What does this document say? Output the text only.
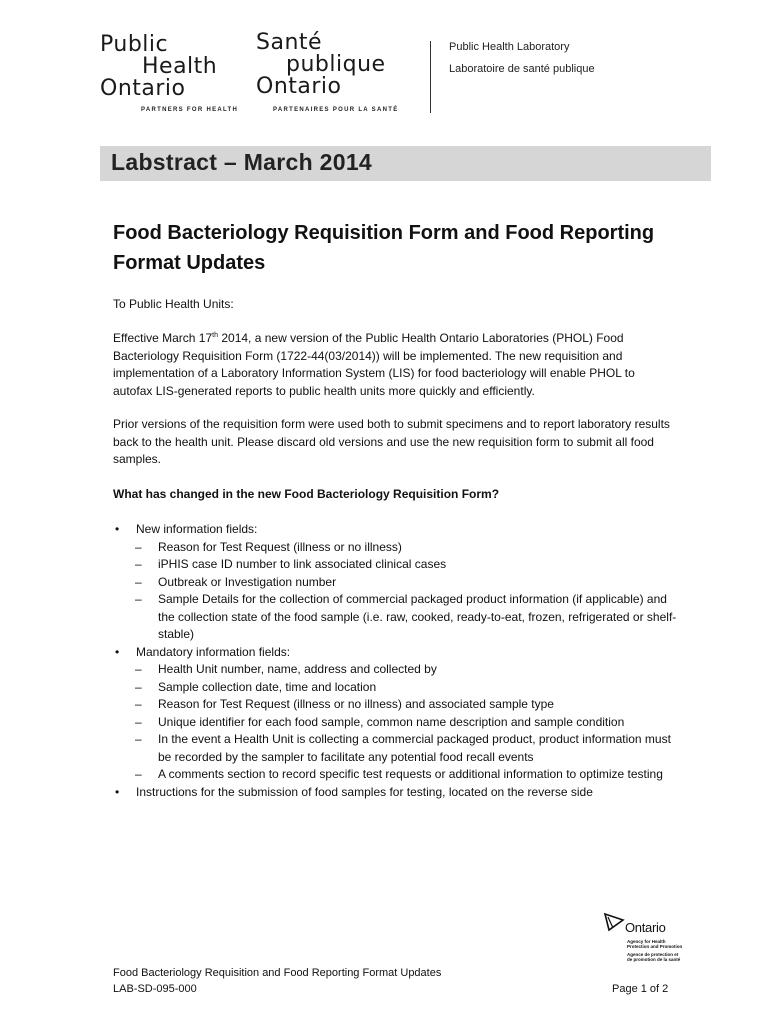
Public
Health
Ontario
PARTNERS FOR HEALTH
Santé
publique
Ontario
PARTENAIRES POUR LA SANTÉ
Public Health Laboratory
Laboratoire de santé publique
Labstract – March 2014
Food Bacteriology Requisition Form and Food Reporting Format Updates
To Public Health Units:
Effective March 17th 2014, a new version of the Public Health Ontario Laboratories (PHOL) Food Bacteriology Requisition Form (1722-44(03/2014)) will be implemented. The new requisition and implementation of a Laboratory Information System (LIS) for food bacteriology will enable PHOL to autofax LIS-generated reports to public health units more quickly and efficiently.
Prior versions of the requisition form were used both to submit specimens and to report laboratory results back to the health unit. Please discard old versions and use the new requisition form to submit all food samples.
What has changed in the new Food Bacteriology Requisition Form?
• New information fields:
– Reason for Test Request (illness or no illness)
– iPHIS case ID number to link associated clinical cases
– Outbreak or Investigation number
– Sample Details for the collection of commercial packaged product information (if applicable) and the collection state of the food sample (i.e. raw, cooked, ready-to-eat, frozen, refrigerated or shelf-stable)
• Mandatory information fields:
– Health Unit number, name, address and collected by
– Sample collection date, time and location
– Reason for Test Request (illness or no illness) and associated sample type
– Unique identifier for each food sample, common name description and sample condition
– In the event a Health Unit is collecting a commercial packaged product, product information must be recorded by the sampler to facilitate any potential food recall events
– A comments section to record specific test requests or additional information to optimize testing
• Instructions for the submission of food samples for testing, located on the reverse side
Ontario
Agency for Health
Protection and Promotion
Agence de protection et
de promotion de la santé
Food Bacteriology Requisition and Food Reporting Format Updates
LAB-SD-095-000	Page 1 of 2
